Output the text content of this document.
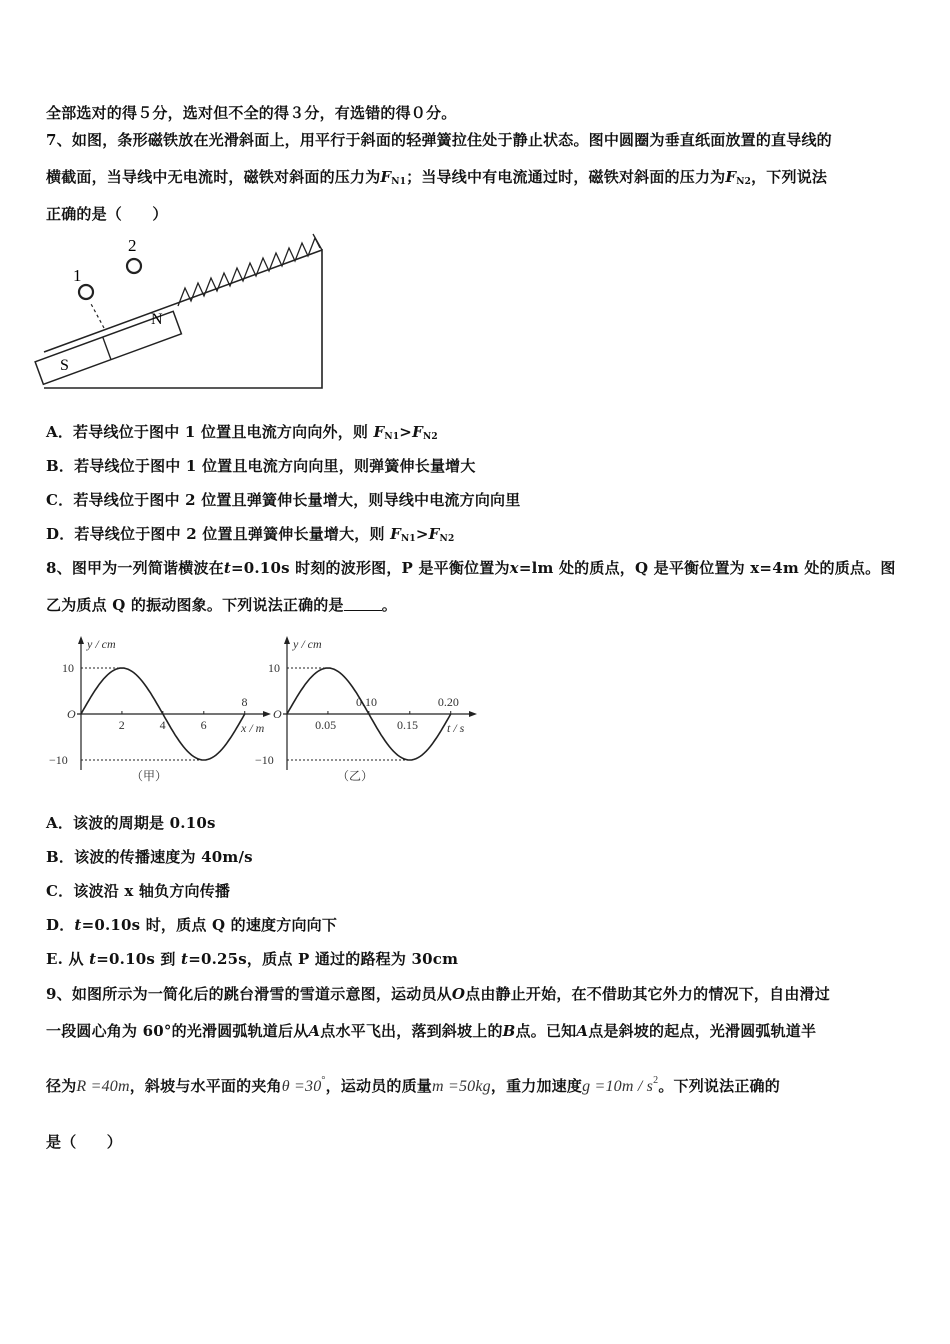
全部选对的得５分，选对但不全的得３分，有选错的得０分。
7、如图，条形磁铁放在光滑斜面上，用平行于斜面的轻弹簧拉住处于静止状态。图中圆圈为垂直纸面放置的直导线的
横截面，当导线中无电流时，磁铁对斜面的压力为$F_{N1}$；当导线中有电流通过时，磁铁对斜面的压力为$F_{N2}$，下列说法
正确的是（　　）
1
2
N
S
A．若导线位于图中 1 位置且电流方向向外，则 $F_{N1}>F_{N2}$
B．若导线位于图中 1 位置且电流方向向里，则弹簧伸长量增大
C．若导线位于图中 2 位置且弹簧伸长量增大，则导线中电流方向向里
D．若导线位于图中 2 位置且弹簧伸长量增大，则 $F_{N1}>F_{N2}$
8、图甲为一列简谐横波在t=0.10s 时刻的波形图，P 是平衡位置为x=lm 处的质点，Q 是平衡位置为 x=4m 处的质点。图
乙为质点 Q 的振动图象。下列说法正确的是	。
y / cm
x / m
10
O
−10
2	4	6
8
（甲）
y / cm
t / s
10
O
−10
0.05
0.10
0.15
0.20
（乙）
A．该波的周期是 0.10s
B．该波的传播速度为 40m/s
C．该波沿 x 轴负方向传播
D．t=0.10s 时，质点 Q 的速度方向向下
E. 从 t=0.10s 到 t=0.25s，质点 P 通过的路程为 30cm
9、如图所示为一简化后的跳台滑雪的雪道示意图，运动员从O点由静止开始，在不借助其它外力的情况下，自由滑过
一段圆心角为 60°的光滑圆弧轨道后从A点水平飞出，落到斜坡上的B点。已知A点是斜坡的起点，光滑圆弧轨道半
径为R =40m，斜坡与水平面的夹角θ =30°，运动员的质量m =50kg，重力加速度$g =10m / s^2$。下列说法正确的
是（　　）
